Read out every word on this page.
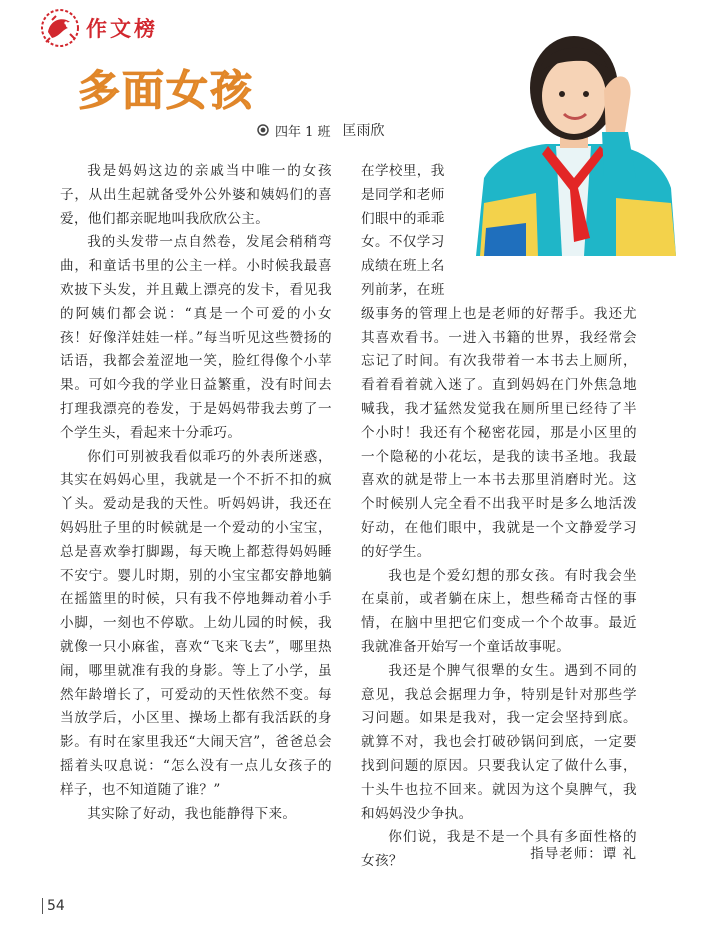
作文榜
多面女孩
四年 1 班 匡雨欣

我是妈妈这边的亲戚当中唯一的女孩子，从出生起就备受外公外婆和姨妈们的喜爱，他们都亲昵地叫我欣欣公主。

我的头发带一点自然卷，发尾会稍稍弯曲，和童话书里的公主一样。小时候我最喜欢披下头发，并且戴上漂亮的发卡，看见我的阿姨们都会说：“真是一个可爱的小女孩！好像洋娃娃一样。”每当听见这些赞扬的话语，我都会羞涩地一笑，脸红得像个小苹果。可如今我的学业日益繁重，没有时间去打理我漂亮的卷发，于是妈妈带我去剪了一个学生头，看起来十分乖巧。

你们可别被我看似乖巧的外表所迷惑，其实在妈妈心里，我就是一个不折不扣的疯丫头。爱动是我的天性。听妈妈讲，我还在妈妈肚子里的时候就是一个爱动的小宝宝，总是喜欢拳打脚踢，每天晚上都惹得妈妈睡不安宁。婴儿时期，别的小宝宝都安静地躺在摇篮里的时候，只有我不停地舞动着小手小脚，一刻也不停歇。上幼儿园的时候，我就像一只小麻雀，喜欢“飞来飞去”，哪里热闹，哪里就准有我的身影。等上了小学，虽然年龄增长了，可爱动的天性依然不变。每当放学后，小区里、操场上都有我活跃的身影。有时在家里我还“大闹天宫”，爸爸总会摇着头叹息说：“怎么没有一点儿女孩子的样子，也不知道随了谁？”

其实除了好动，我也能静得下来。

在学校里，我
是同学和老师
们眼中的乖乖
女。不仅学习
成绩在班上名
列前茅，在班

级事务的管理上也是老师的好帮手。我还尤其喜欢看书。一进入书籍的世界，我经常会忘记了时间。有次我带着一本书去上厕所，看着看着就入迷了。直到妈妈在门外焦急地喊我，我才猛然发觉我在厕所里已经待了半个小时！我还有个秘密花园，那是小区里的一个隐秘的小花坛，是我的读书圣地。我最喜欢的就是带上一本书去那里消磨时光。这个时候别人完全看不出我平时是多么地活泼好动，在他们眼中，我就是一个文静爱学习的好学生。

我也是个爱幻想的那女孩。有时我会坐在桌前，或者躺在床上，想些稀奇古怪的事情，在脑中里把它们变成一个个故事。最近我就准备开始写一个童话故事呢。

我还是个脾气很犟的女生。遇到不同的意见，我总会据理力争，特别是针对那些学习问题。如果是我对，我一定会坚持到底。就算不对，我也会打破砂锅问到底，一定要找到问题的原因。只要我认定了做什么事，十头牛也拉不回来。就因为这个臭脾气，我和妈妈没少争执。

你们说，我是不是一个具有多面性格的女孩？	指导老师：谭 礼
54
